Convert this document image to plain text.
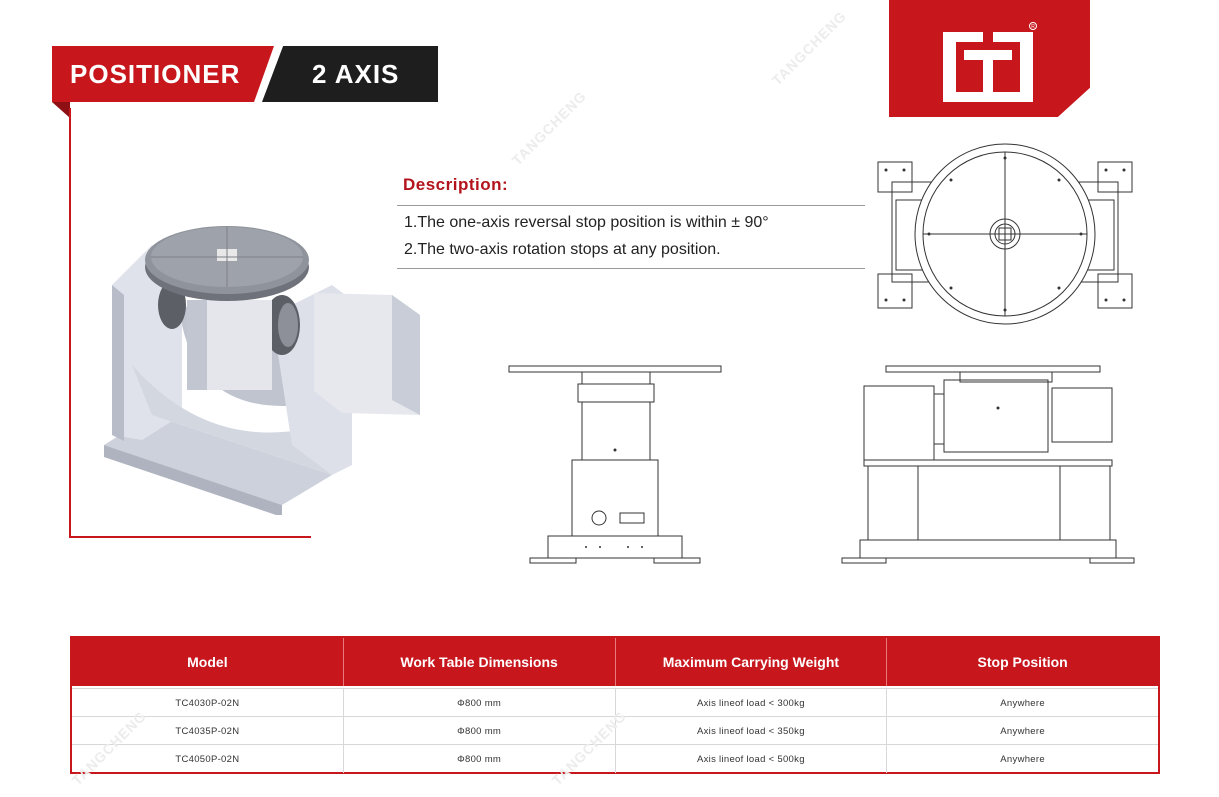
POSITIONER	2 AXIS
R
Description:
1.The one-axis reversal stop position is within ± 90°
2.The two-axis rotation stops at any position.
Model	Work Table Dimensions	Maximum Carrying Weight	Stop Position
TC4030P-02N	Φ800 mm	Axis lineof load < 300kg	Anywhere
TC4035P-02N	Φ800 mm	Axis lineof load < 350kg	Anywhere
TC4050P-02N	Φ800 mm	Axis lineof load < 500kg	Anywhere
TANGCHENG
TANGCHENG
TANGCHENG	TANGCHENG
